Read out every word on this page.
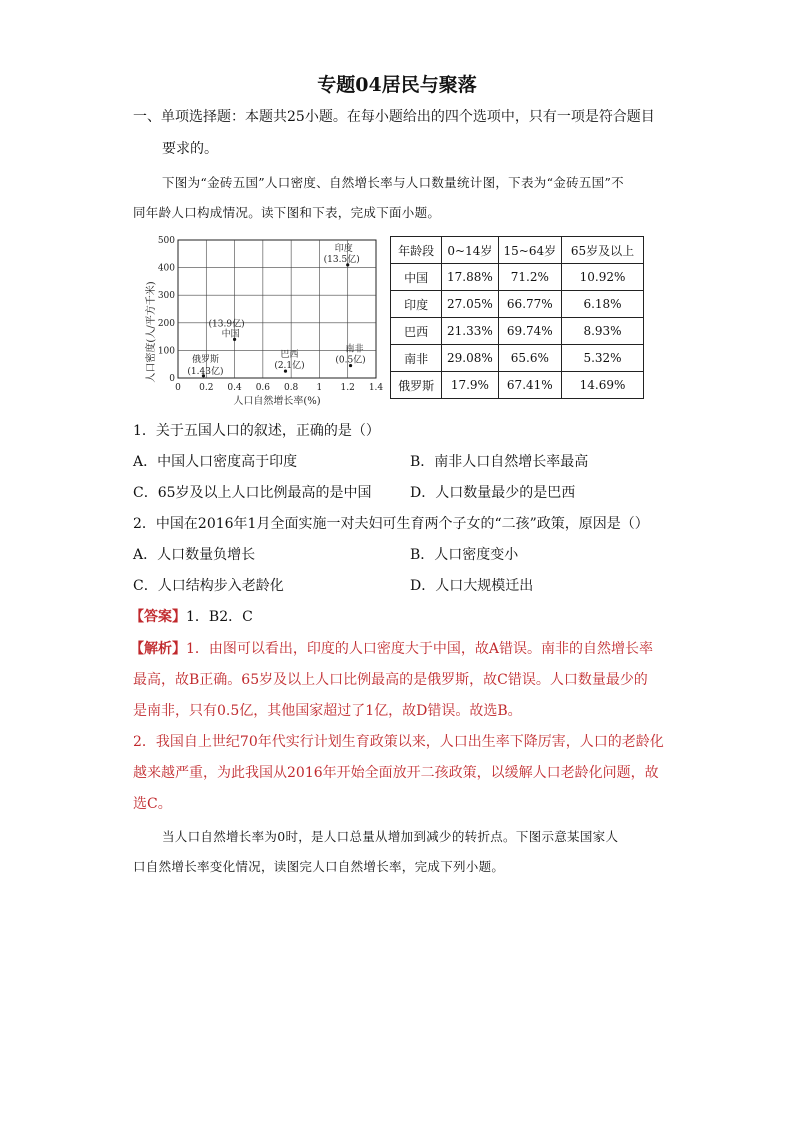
专题04居民与聚落
一、单项选择题：本题共25小题。在每小题给出的四个选项中，只有一项是符合题目
要求的。
下图为“金砖五国”人口密度、自然增长率与人口数量统计图，下表为“金砖五国”不
同年龄人口构成情况。读下图和下表，完成下面小题。
0 0.2 0.4 0.6 0.8 1 1.2 1.4
0
100
200
300
400
500
印度
(13.5亿)
中国
(13.9亿)
巴西
(2.1亿)
南非
(0.5亿)
俄罗斯
(1.43亿)
人口密度(人/平方千米)
人口自然增长率(%)
年龄段	0~14岁	15~64岁	65岁及以上
中国	17.88%	71.2%	10.92%
印度	27.05%	66.77%	6.18%
巴西	21.33%	69.74%	8.93%
南非	29.08%	65.6%	5.32%
俄罗斯	17.9%	67.41%	14.69%
1．关于五国人口的叙述，正确的是（）
A．中国人口密度高于印度	B．南非人口自然增长率最高
C．65岁及以上人口比例最高的是中国	D．人口数量最少的是巴西
2．中国在2016年1月全面实施一对夫妇可生育两个子女的“二孩”政策，原因是（）
A．人口数量负增长	B．人口密度变小
C．人口结构步入老龄化	D．人口大规模迁出
【答案】1．B2．C
【解析】1．由图可以看出，印度的人口密度大于中国，故A错误。南非的自然增长率
最高，故B正确。65岁及以上人口比例最高的是俄罗斯，故C错误。人口数量最少的
是南非，只有0.5亿，其他国家超过了1亿，故D错误。故选B。
2．我国自上世纪70年代实行计划生育政策以来，人口出生率下降厉害，人口的老龄化
越来越严重，为此我国从2016年开始全面放开二孩政策，以缓解人口老龄化问题，故
选C。
当人口自然增长率为0时，是人口总量从增加到减少的转折点。下图示意某国家人
口自然增长率变化情况，读图完人口自然增长率，完成下列小题。
